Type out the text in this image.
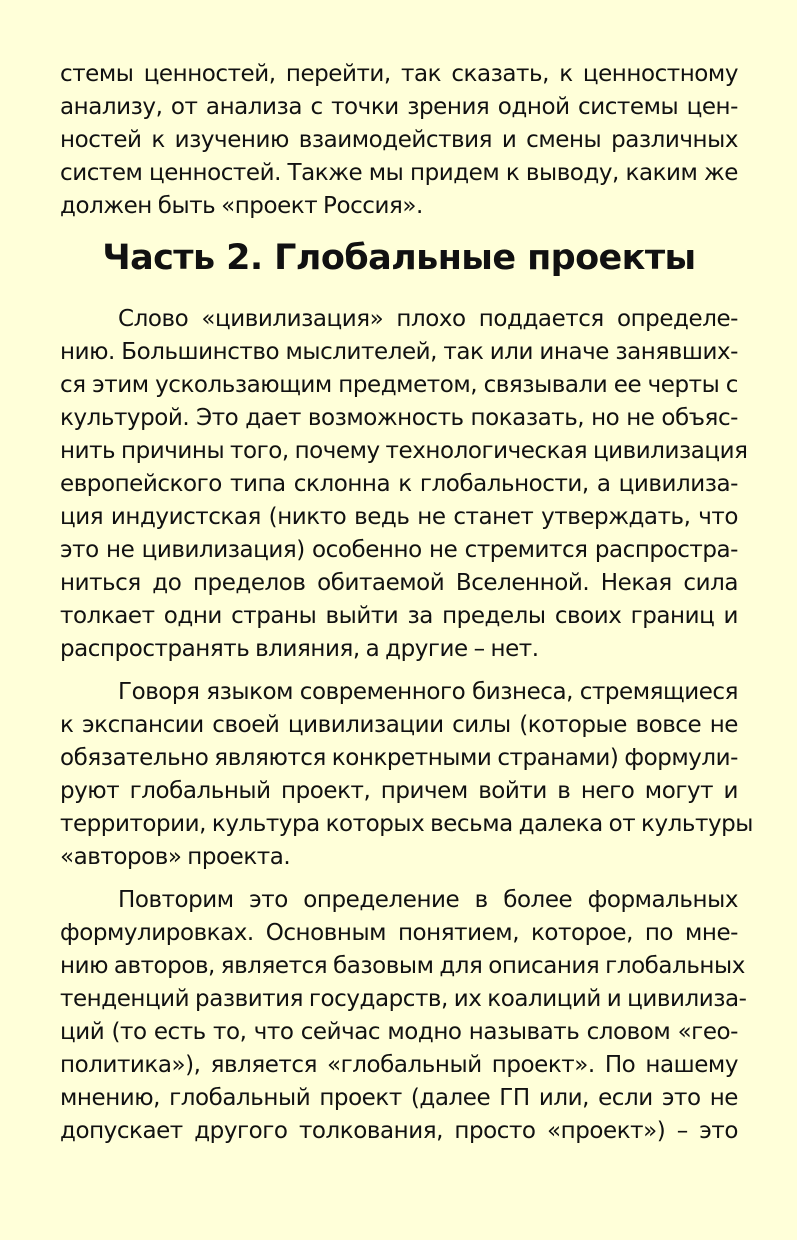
стемы ценностей, перейти, так сказать, к ценностному
анализу, от анализа с точки зрения одной системы цен-
ностей к изучению взаимодействия и смены различных
систем ценностей. Также мы придем к выводу, каким же
должен быть «проект Россия».
Часть 2. Глобальные проекты
Слово «цивилизация» плохо поддается определе-
нию. Большинство мыслителей, так или иначе занявших-
ся этим ускользающим предметом, связывали ее черты с
культурой. Это дает возможность показать, но не объяс-
нить причины того, почему технологическая цивилизация
европейского типа склонна к глобальности, а цивилиза-
ция индуистская (никто ведь не станет утверждать, что
это не цивилизация) особенно не стремится распростра-
ниться до пределов обитаемой Вселенной. Некая сила
толкает одни страны выйти за пределы своих границ и
распространять влияния, а другие – нет.
Говоря языком современного бизнеса, стремящиеся
к экспансии своей цивилизации силы (которые вовсе не
обязательно являются конкретными странами) формули-
руют глобальный проект, причем войти в него могут и
территории, культура которых весьма далека от культуры
«авторов» проекта.
Повторим это определение в более формальных
формулировках. Основным понятием, которое, по мне-
нию авторов, является базовым для описания глобальных
тенденций развития государств, их коалиций и цивилиза-
ций (то есть то, что сейчас модно называть словом «гео-
политика»), является «глобальный проект». По нашему
мнению, глобальный проект (далее ГП или, если это не
допускает другого толкования, просто «проект») – это
